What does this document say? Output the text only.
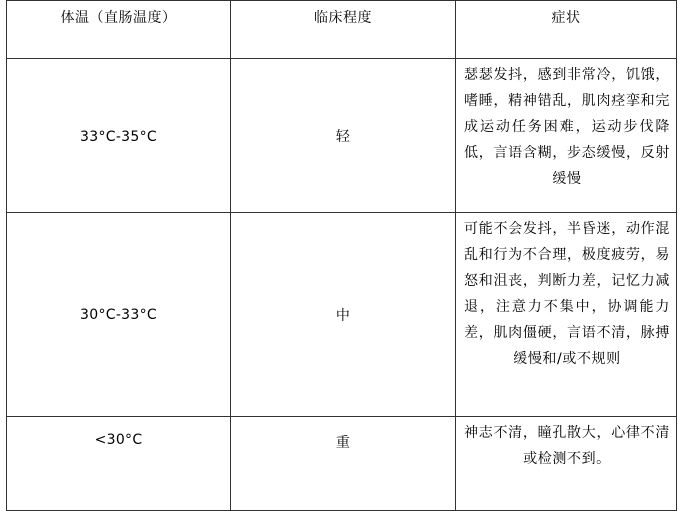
体温（直肠温度）	临床程度	症状
33°C-35°C	轻	瑟瑟发抖，感到非常冷，饥饿，嗜睡，精神错乱，肌肉痉挛和完成运动任务困难，运动步伐降低，言语含糊，步态缓慢，反射缓慢
30°C-33°C	中	可能不会发抖，半昏迷，动作混乱和行为不合理，极度疲劳，易怒和沮丧，判断力差，记忆力减退，注意力不集中，协调能力差，肌肉僵硬，言语不清，脉搏缓慢和/或不规则
<30°C	重	神志不清，瞳孔散大，心律不清或检测不到。
